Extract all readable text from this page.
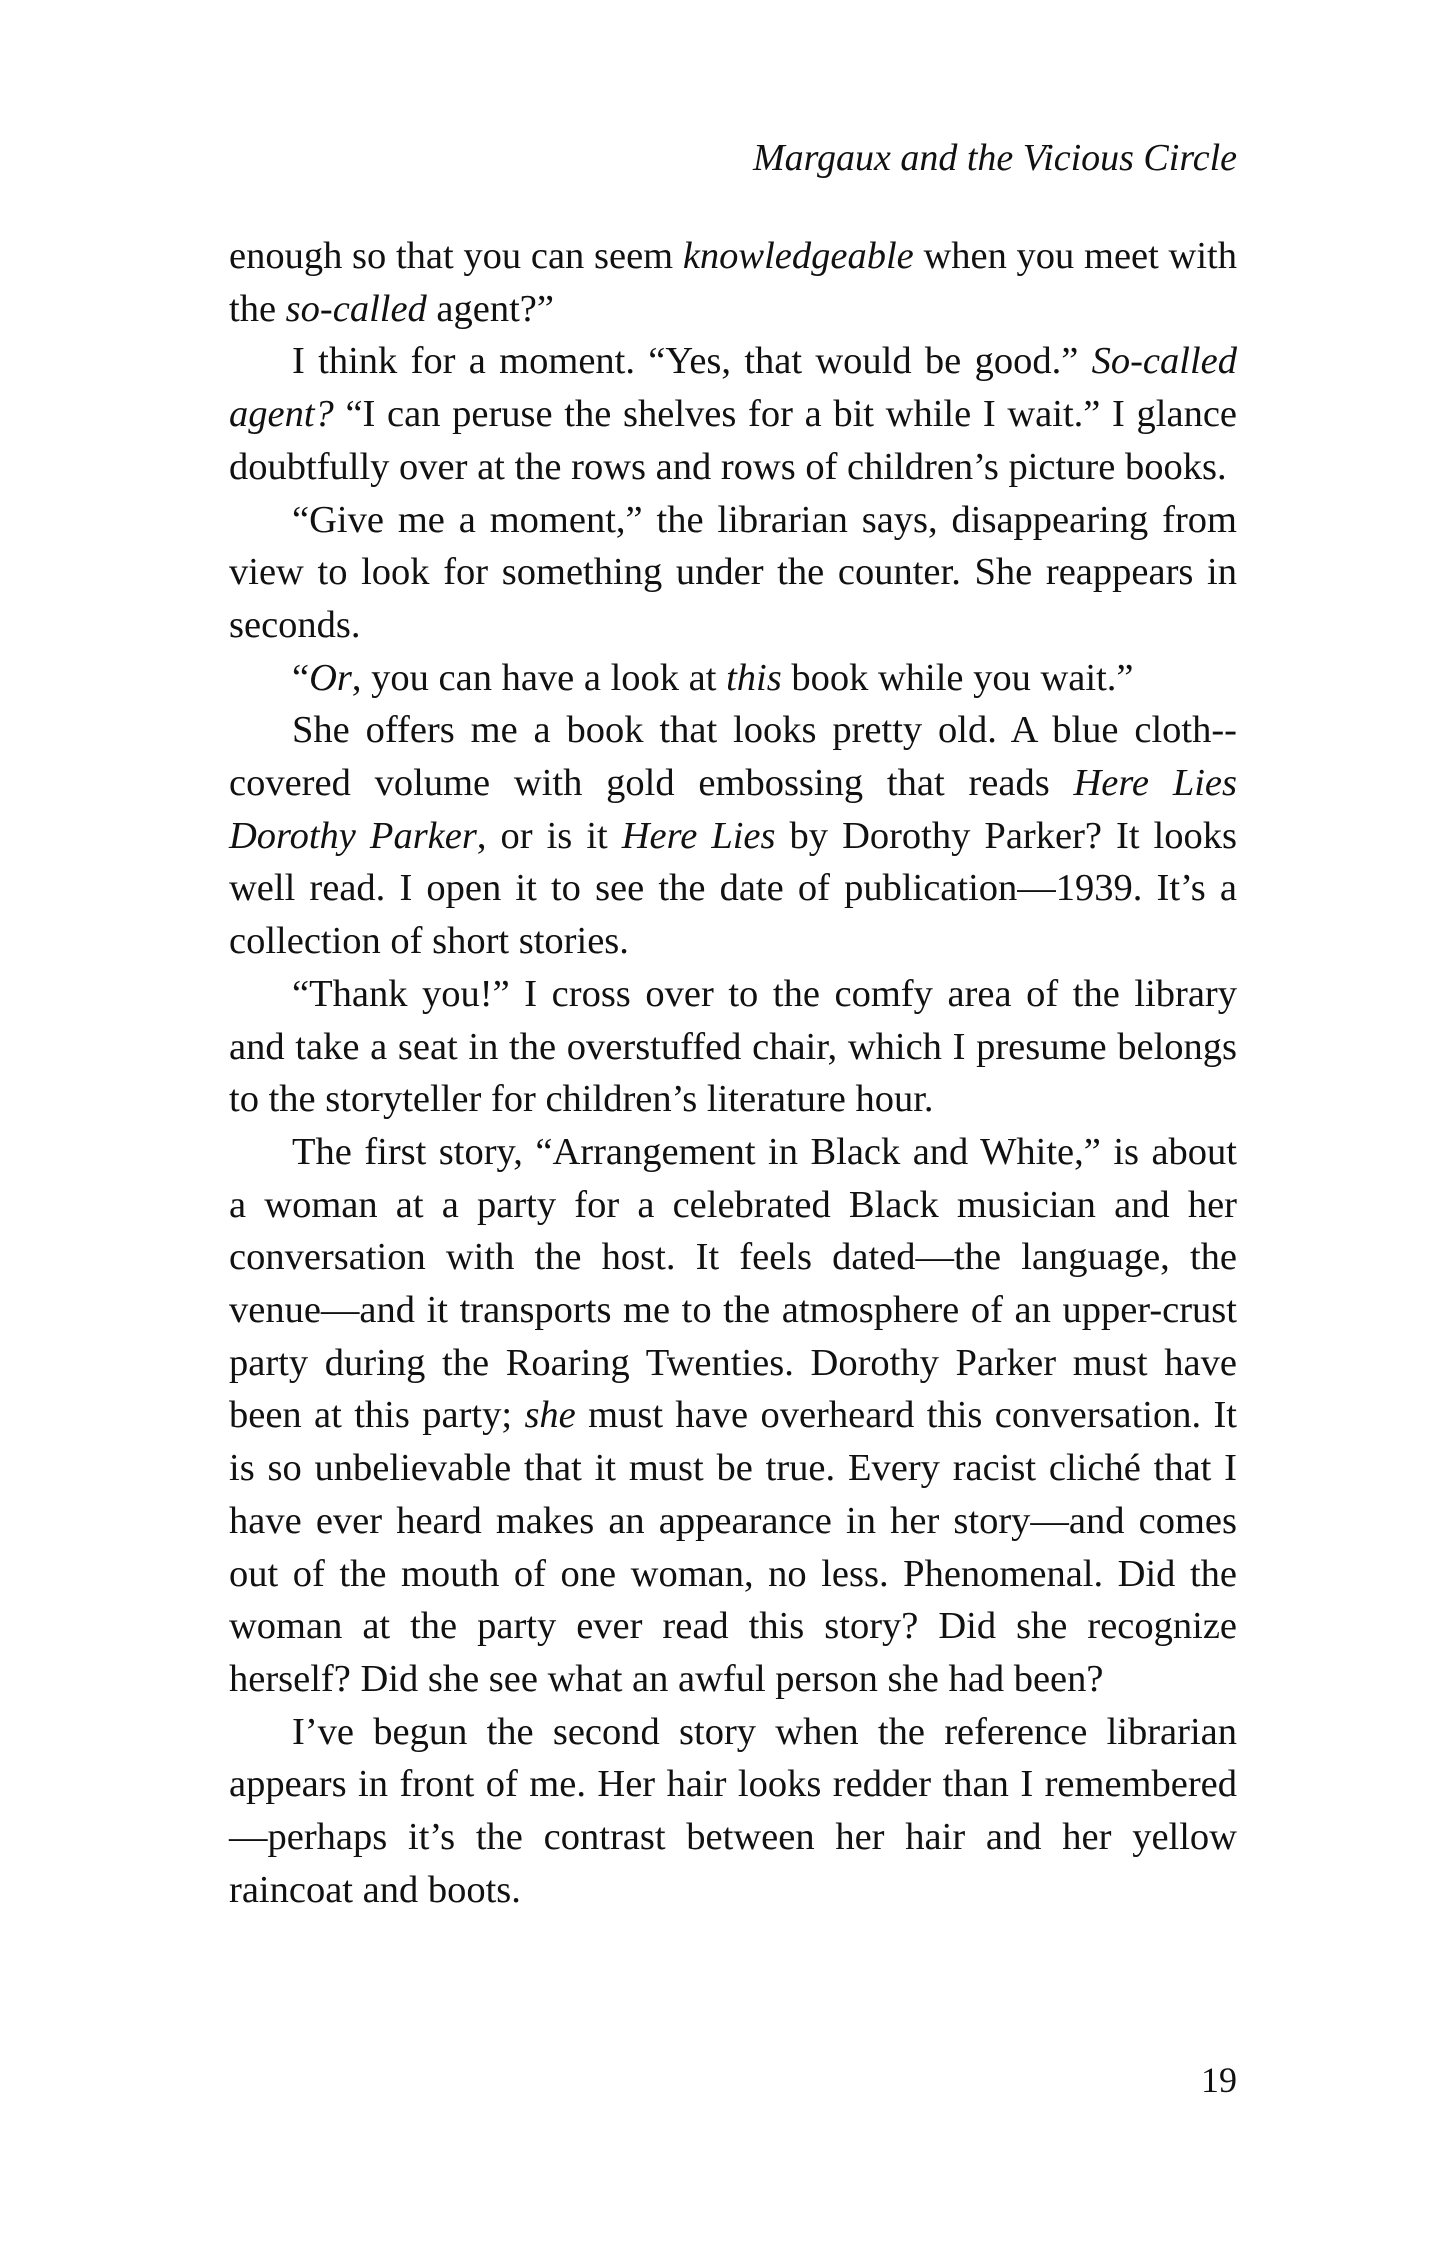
Margaux and the Vicious Circle

enough so that you can seem knowledgeable when you meet with the so-called agent?”

I think for a moment. “Yes, that would be good.” So-called agent? “I can peruse the shelves for a bit while I wait.” I glance doubtfully over at the rows and rows of children’s picture books.

“Give me a moment,” the librarian says, disappearing from view to look for something under the counter. She reappears in seconds.

“Or, you can have a look at this book while you wait.”

She offers me a book that looks pretty old. A blue cloth-covered volume with gold embossing that reads Here Lies Dorothy Parker, or is it Here Lies by Dorothy Parker? It looks well read. I open it to see the date of publication—1939. It’s a collection of short stories.

“Thank you!” I cross over to the comfy area of the library and take a seat in the overstuffed chair, which I presume belongs to the storyteller for children’s literature hour.

The first story, “Arrangement in Black and White,” is about a woman at a party for a celebrated Black musician and her conversation with the host. It feels dated—the language, the venue—and it transports me to the atmosphere of an upper-crust party during the Roaring Twenties. Dorothy Parker must have been at this party; she must have overheard this conversation. It is so unbelievable that it must be true. Every racist cliché that I have ever heard makes an appearance in her story—and comes out of the mouth of one woman, no less. Phenomenal. Did the woman at the party ever read this story? Did she recognize herself? Did she see what an awful person she had been?

I’ve begun the second story when the reference librarian appears in front of me. Her hair looks redder than I remembered—perhaps it’s the contrast between her hair and her yellow raincoat and boots.

19
